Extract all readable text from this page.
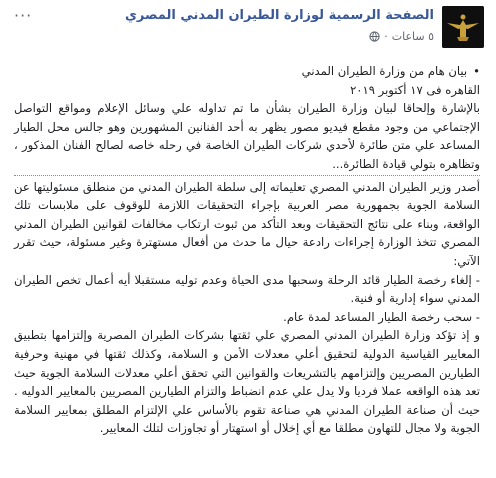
الصفحة الرسمية لوزارة الطيران المدني المصري
٥ ساعات
·
···

• بيان هام من وزارة الطيران المدني

القاهره فى ١٧ أكتوبر ٢٠١٩

بالإشارة وإلحاقا لبيان وزارة الطيران بشأن ما تم تداوله علي وسائل الإعلام ومواقع التواصل الإجتماعي من وجود مقطع فيديو مصور يظهر به أحد الفنانين المشهورين وهو جالس محل الطيار المساعد علي متن طائرة لأحدي شركات الطيران الخاصة في رحله خاصه لصالح الفنان المذكور ، وتظاهره بتولي قيادة الطائرة...

أصدر وزير الطيران المدني المصري تعليماته إلى سلطة الطيران المدني من منطلق مسئوليتها عن السلامة الجوية بجمهورية مصر العربية بإجراء التحقيقات اللازمة للوقوف على ملابسات تلك الواقعة، وبناء على نتائج التحقيقات وبعد التأكد من ثبوت ارتكاب مخالفات لقوانين الطيران المدني المصري تتخذ الوزارة إجراءات رادعة حيال ما حدث من أفعال مستهترة وغير مسئولة، حيث تقرر الآتي:

- إلغاء رخصة الطيار قائد الرحلة وسحبها مدى الحياة وعدم توليه مستقبلا أيه أعمال تخص الطيران المدني سواء إدارية أو فنية.

- سحب رخصة الطيار المساعد لمدة عام.

و إذ تؤكد وزارة الطيران المدني المصري علي ثقتها بشركات الطيران المصرية وإلتزامها بتطبيق المعايير القياسية الدولية لتحقيق أعلي معدلات الأمن و السلامة، وكذلك ثقتها في مهنية وحرفية الطيارين المصريين وإلتزامهم بالتشريعات والقوانين التي تحقق أعلي معدلات السلامة الجوية حيث تعد هذه الواقعه عملا فرديا ولا يدل علي عدم انضباط والتزام الطيارين المصريين بالمعايير الدوليه . حيث أن صناعة الطيران المدني هي صناعة تقوم بالأساس علي الإلتزام المطلق بمعايير السلامة الجوية ولا مجال للتهاون مطلقا مع أي إخلال أو استهتار أو تجاوزات لتلك المعايير.
